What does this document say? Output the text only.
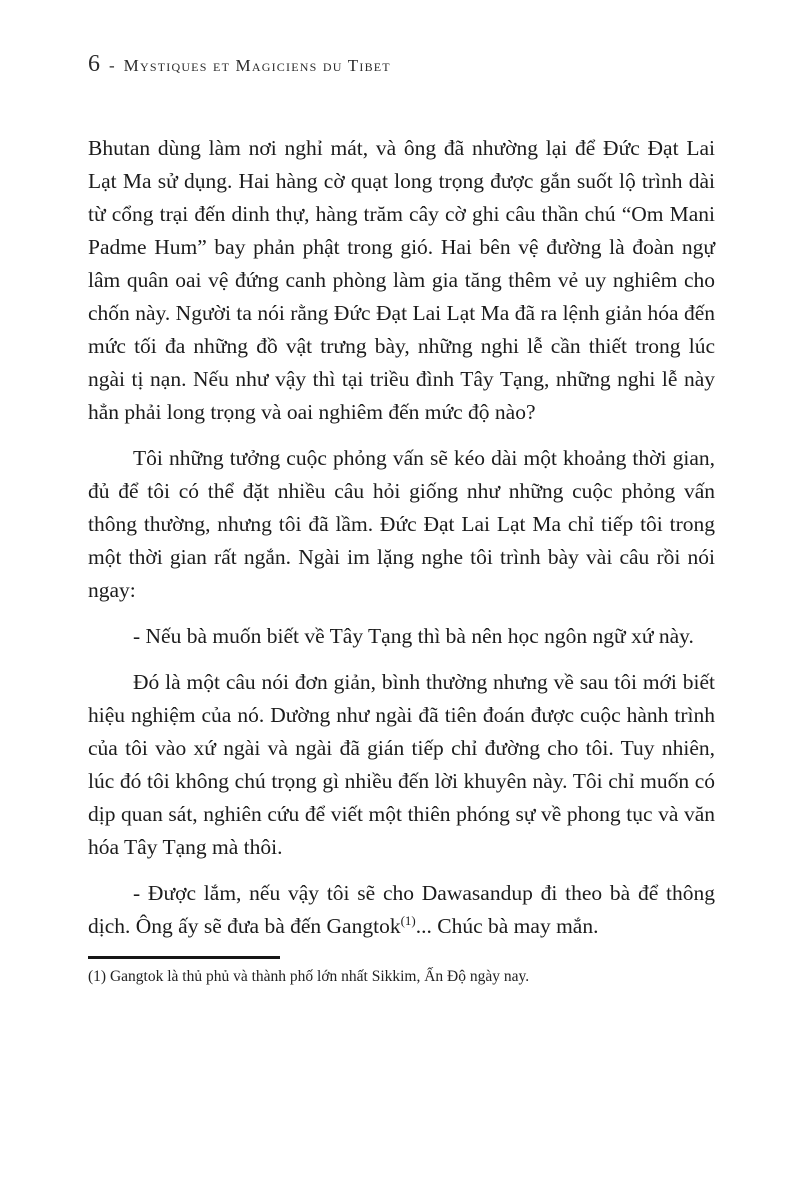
6 - Mystiques et Magiciens du Tibet

Bhutan dùng làm nơi nghỉ mát, và ông đã nhường lại để Đức Đạt Lai Lạt Ma sử dụng. Hai hàng cờ quạt long trọng được gắn suốt lộ trình dài từ cổng trại đến dinh thự, hàng trăm cây cờ ghi câu thần chú “Om Mani Padme Hum” bay phản phật trong gió. Hai bên vệ đường là đoàn ngự lâm quân oai vệ đứng canh phòng làm gia tăng thêm vẻ uy nghiêm cho chốn này. Người ta nói rằng Đức Đạt Lai Lạt Ma đã ra lệnh giản hóa đến mức tối đa những đồ vật trưng bày, những nghi lễ cần thiết trong lúc ngài tị nạn. Nếu như vậy thì tại triều đình Tây Tạng, những nghi lễ này hẳn phải long trọng và oai nghiêm đến mức độ nào?

Tôi những tưởng cuộc phỏng vấn sẽ kéo dài một khoảng thời gian, đủ để tôi có thể đặt nhiều câu hỏi giống như những cuộc phỏng vấn thông thường, nhưng tôi đã lầm. Đức Đạt Lai Lạt Ma chỉ tiếp tôi trong một thời gian rất ngắn. Ngài im lặng nghe tôi trình bày vài câu rồi nói ngay:

- Nếu bà muốn biết về Tây Tạng thì bà nên học ngôn ngữ xứ này.

Đó là một câu nói đơn giản, bình thường nhưng về sau tôi mới biết hiệu nghiệm của nó. Dường như ngài đã tiên đoán được cuộc hành trình của tôi vào xứ ngài và ngài đã gián tiếp chỉ đường cho tôi. Tuy nhiên, lúc đó tôi không chú trọng gì nhiều đến lời khuyên này. Tôi chỉ muốn có dịp quan sát, nghiên cứu để viết một thiên phóng sự về phong tục và văn hóa Tây Tạng mà thôi.

- Được lắm, nếu vậy tôi sẽ cho Dawasandup đi theo bà để thông dịch. Ông ấy sẽ đưa bà đến Gangtok$^{(1)}$... Chúc bà may mắn.

(1) Gangtok là thủ phủ và thành phố lớn nhất Sikkim, Ấn Độ ngày nay.
